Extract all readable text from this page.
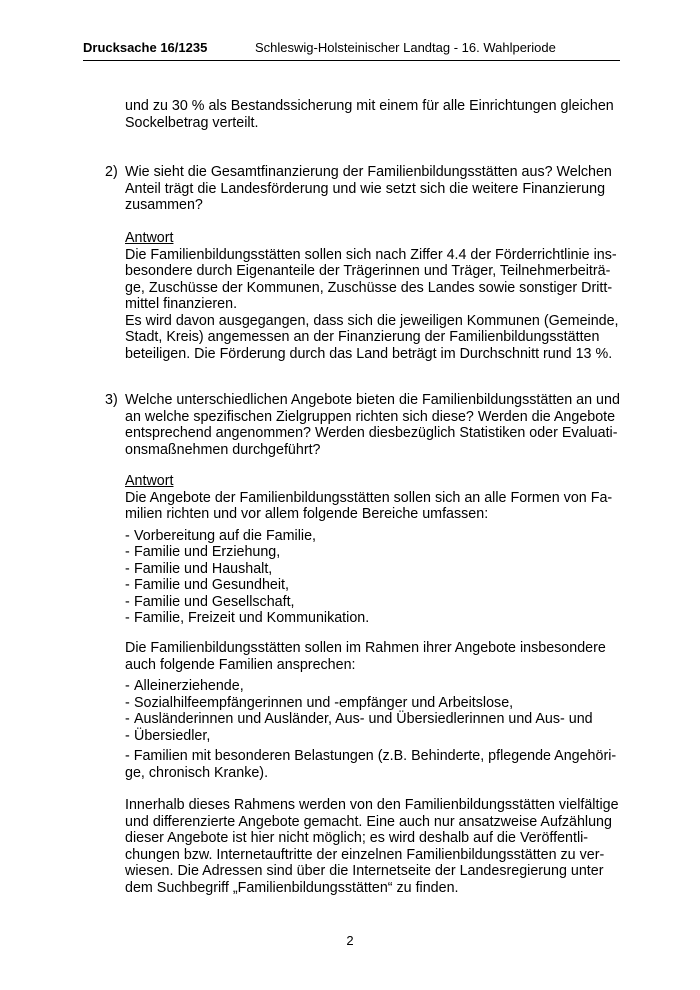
Drucksache 16/1235	Schleswig-Holsteinischer Landtag - 16. Wahlperiode
und zu 30 % als Bestandssicherung mit einem für alle Einrichtungen gleichen
Sockelbetrag verteilt.
2) Wie sieht die Gesamtfinanzierung der Familienbildungsstätten aus? Welchen
Anteil trägt die Landesförderung und wie setzt sich die weitere Finanzierung
zusammen?
Antwort
Die Familienbildungsstätten sollen sich nach Ziffer 4.4 der Förderrichtlinie ins-
besondere durch Eigenanteile der Trägerinnen und Träger, Teilnehmerbeiträ-
ge, Zuschüsse der Kommunen, Zuschüsse des Landes sowie sonstiger Dritt-
mittel finanzieren.
Es wird davon ausgegangen, dass sich die jeweiligen Kommunen (Gemeinde,
Stadt, Kreis) angemessen an der Finanzierung der Familienbildungsstätten
beteiligen. Die Förderung durch das Land beträgt im Durchschnitt rund 13 %.
3) Welche unterschiedlichen Angebote bieten die Familienbildungsstätten an und
an welche spezifischen Zielgruppen richten sich diese? Werden die Angebote
entsprechend angenommen? Werden diesbezüglich Statistiken oder Evaluati-
onsmaßnehmen durchgeführt?
Antwort
Die Angebote der Familienbildungsstätten sollen sich an alle Formen von Fa-
milien richten und vor allem folgende Bereiche umfassen:
- Vorbereitung auf die Familie,
- Familie und Erziehung,
- Familie und Haushalt,
- Familie und Gesundheit,
- Familie und Gesellschaft,
- Familie, Freizeit und Kommunikation.
Die Familienbildungsstätten sollen im Rahmen ihrer Angebote insbesondere
auch folgende Familien ansprechen:
- Alleinerziehende,
- Sozialhilfeempfängerinnen und -empfänger und Arbeitslose,
- Ausländerinnen und Ausländer, Aus- und Übersiedlerinnen und Aus- und
- Übersiedler,
- Familien mit besonderen Belastungen (z.B. Behinderte, pflegende Angehöri-
ge, chronisch Kranke).
Innerhalb dieses Rahmens werden von den Familienbildungsstätten vielfältige
und differenzierte Angebote gemacht. Eine auch nur ansatzweise Aufzählung
dieser Angebote ist hier nicht möglich; es wird deshalb auf die Veröffentli-
chungen bzw. Internetauftritte der einzelnen Familienbildungsstätten zu ver-
wiesen. Die Adressen sind über die Internetseite der Landesregierung unter
dem Suchbegriff „Familienbildungsstätten“ zu finden.
2
